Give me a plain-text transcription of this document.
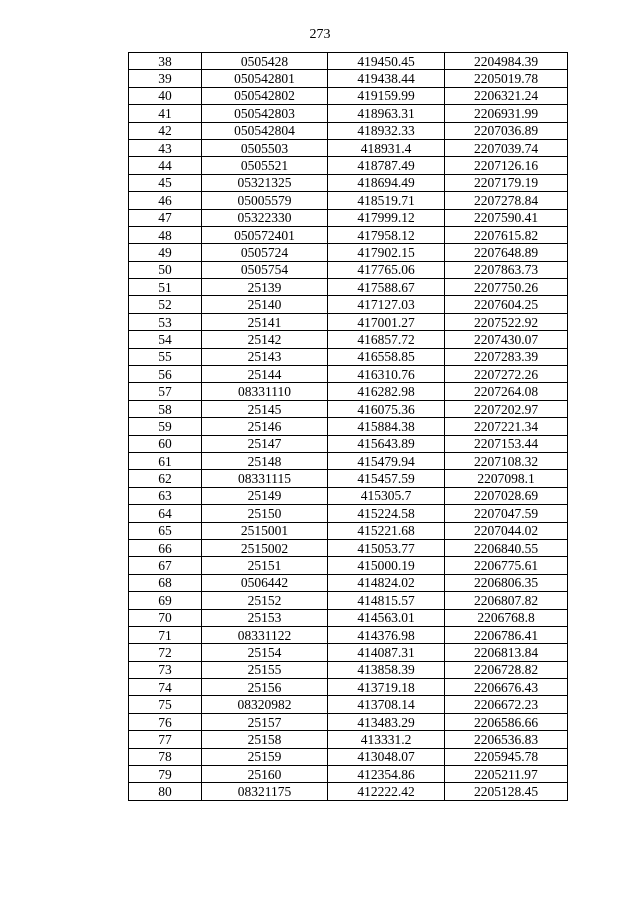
273
38	0505428	419450.45	2204984.39
39	050542801	419438.44	2205019.78
40	050542802	419159.99	2206321.24
41	050542803	418963.31	2206931.99
42	050542804	418932.33	2207036.89
43	0505503	418931.4	2207039.74
44	0505521	418787.49	2207126.16
45	05321325	418694.49	2207179.19
46	05005579	418519.71	2207278.84
47	05322330	417999.12	2207590.41
48	050572401	417958.12	2207615.82
49	0505724	417902.15	2207648.89
50	0505754	417765.06	2207863.73
51	25139	417588.67	2207750.26
52	25140	417127.03	2207604.25
53	25141	417001.27	2207522.92
54	25142	416857.72	2207430.07
55	25143	416558.85	2207283.39
56	25144	416310.76	2207272.26
57	08331110	416282.98	2207264.08
58	25145	416075.36	2207202.97
59	25146	415884.38	2207221.34
60	25147	415643.89	2207153.44
61	25148	415479.94	2207108.32
62	08331115	415457.59	2207098.1
63	25149	415305.7	2207028.69
64	25150	415224.58	2207047.59
65	2515001	415221.68	2207044.02
66	2515002	415053.77	2206840.55
67	25151	415000.19	2206775.61
68	0506442	414824.02	2206806.35
69	25152	414815.57	2206807.82
70	25153	414563.01	2206768.8
71	08331122	414376.98	2206786.41
72	25154	414087.31	2206813.84
73	25155	413858.39	2206728.82
74	25156	413719.18	2206676.43
75	08320982	413708.14	2206672.23
76	25157	413483.29	2206586.66
77	25158	413331.2	2206536.83
78	25159	413048.07	2205945.78
79	25160	412354.86	2205211.97
80	08321175	412222.42	2205128.45
